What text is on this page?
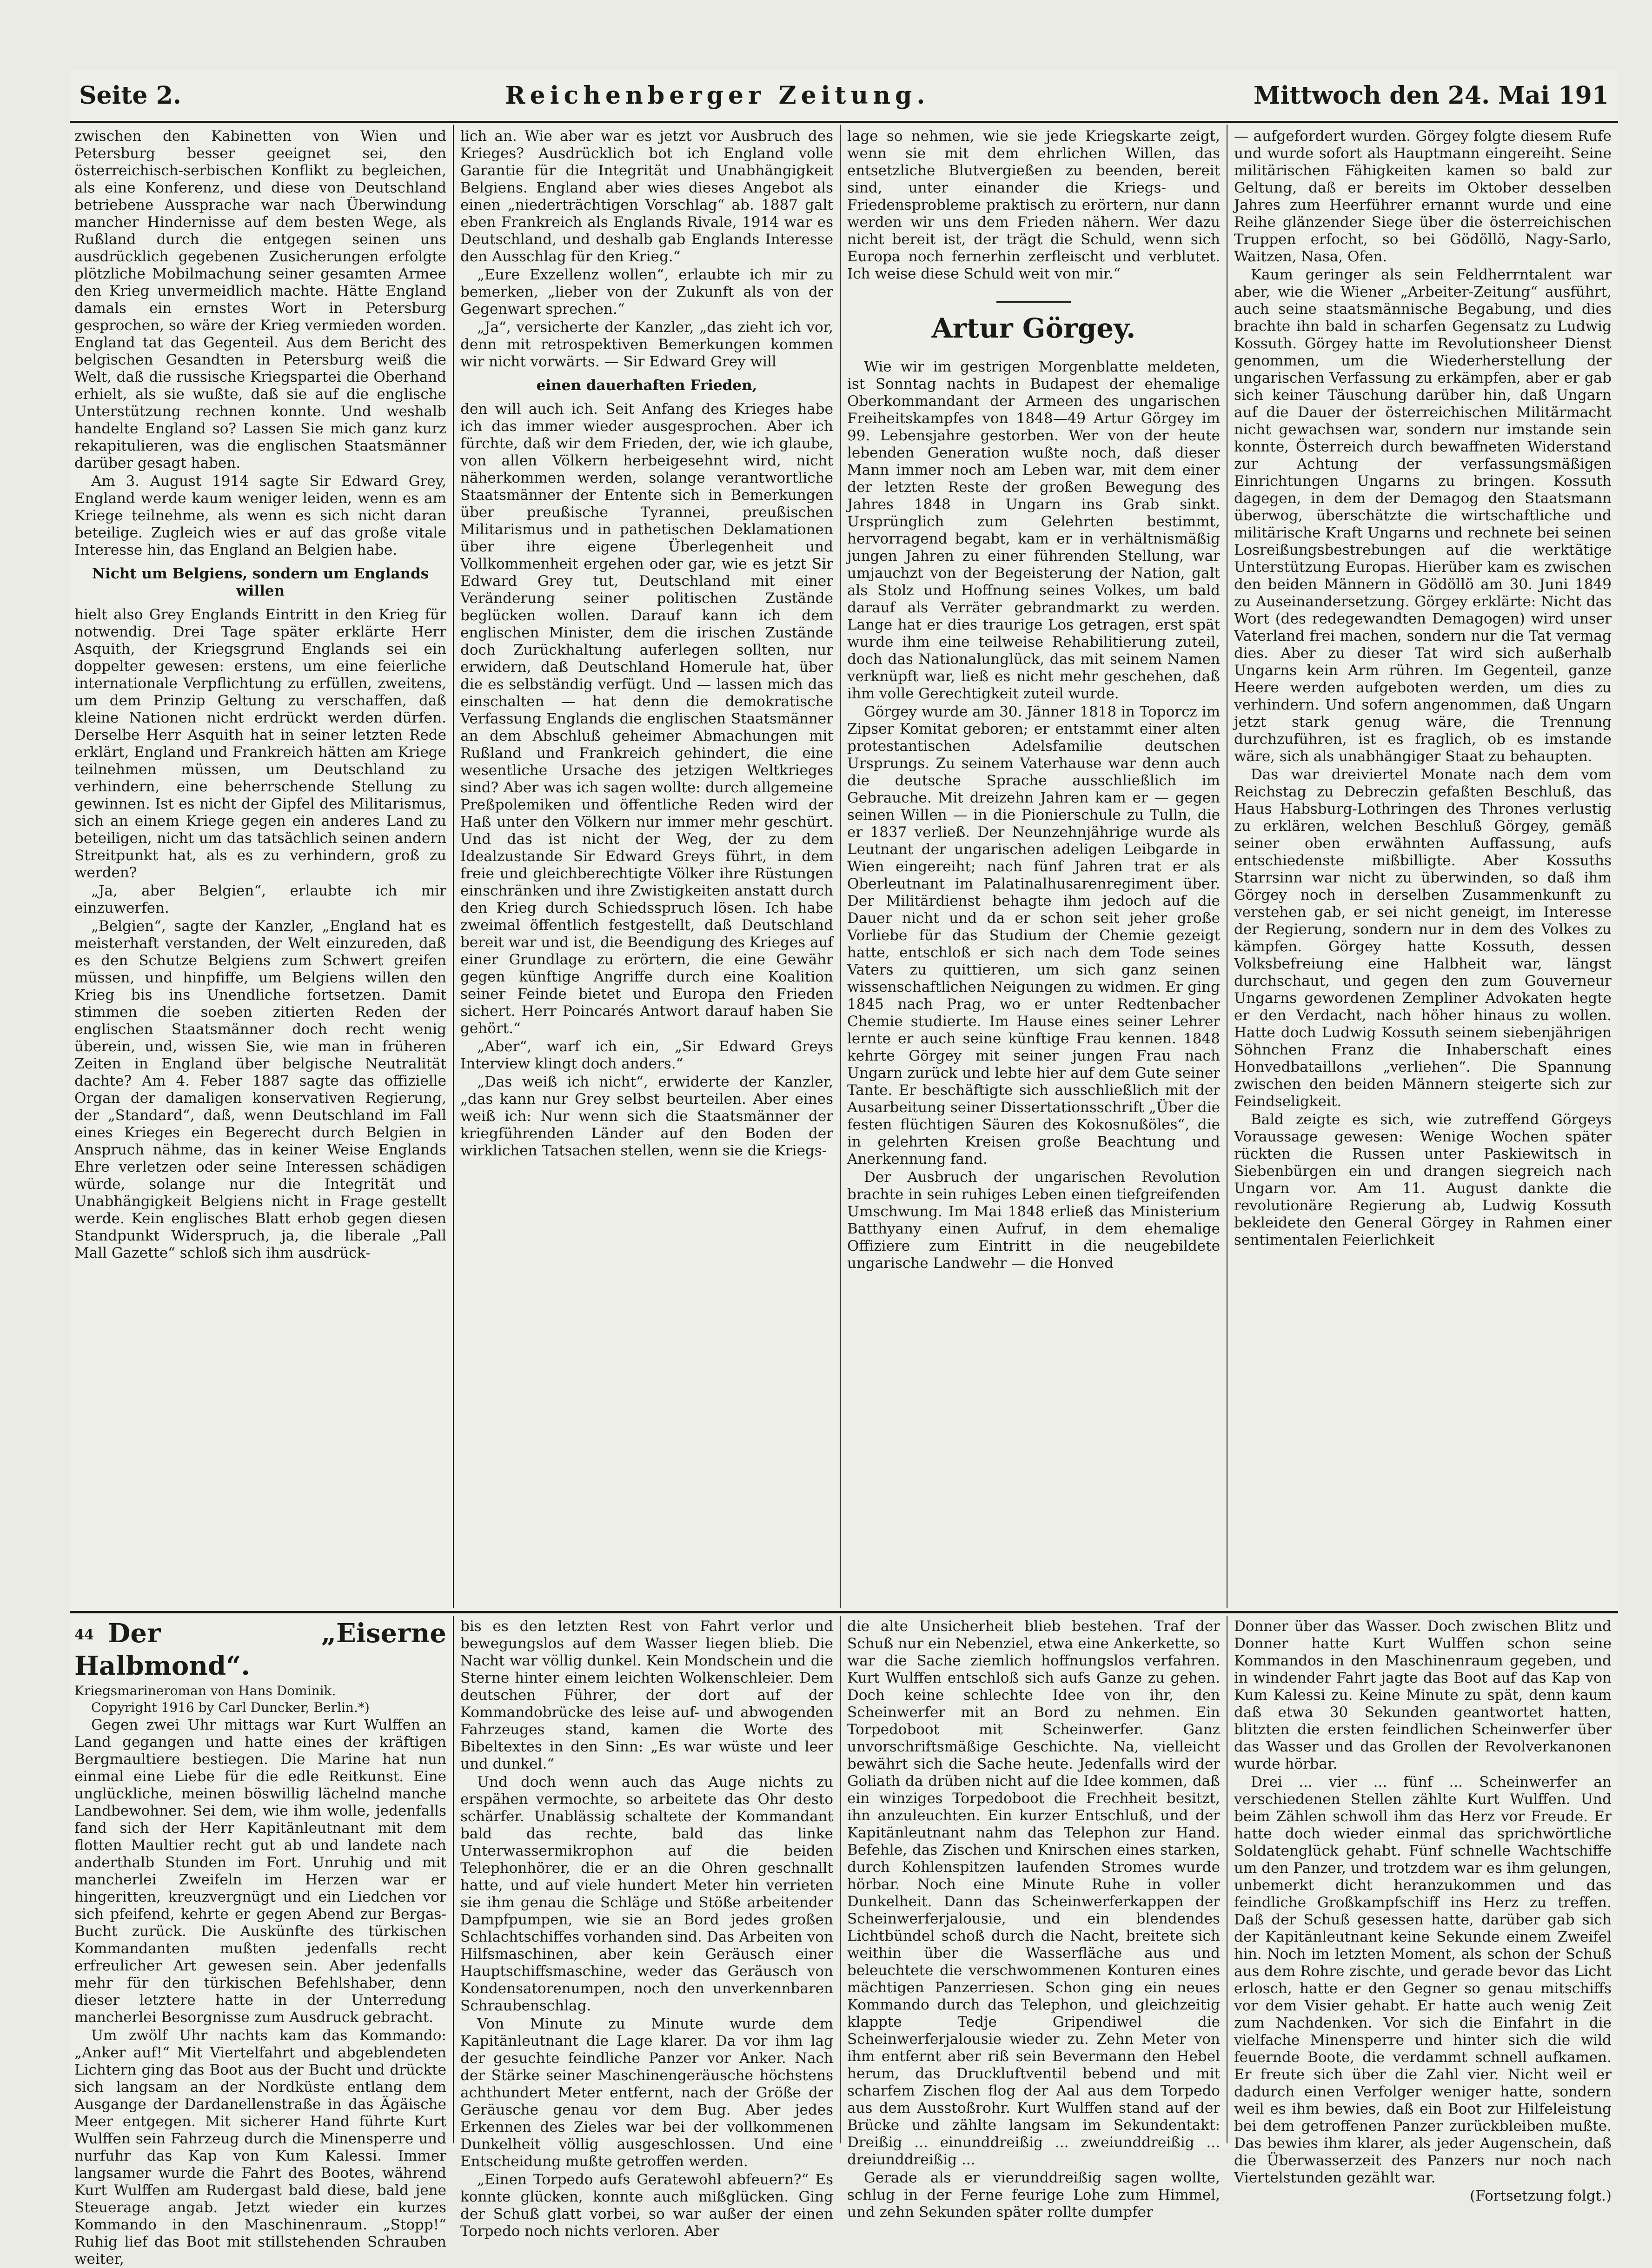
Seite 2.	Reichenberger Zeitung.	Mittwoch den 24. Mai 191

zwischen den Kabinetten von Wien und Petersburg besser geeignet sei, den österreichisch-serbischen Konflikt zu begleichen, als eine Konferenz, und diese von Deutschland betriebene Aussprache war nach Überwindung mancher Hindernisse auf dem besten Wege, als Rußland durch die entgegen seinen uns ausdrücklich gegebenen Zusicherungen erfolgte plötzliche Mobilmachung seiner gesamten Armee den Krieg unvermeidlich machte. Hätte England damals ein ernstes Wort in Petersburg gesprochen, so wäre der Krieg vermieden worden. England tat das Gegenteil. Aus dem Bericht des belgischen Gesandten in Petersburg weiß die Welt, daß die russische Kriegspartei die Oberhand erhielt, als sie wußte, daß sie auf die englische Unterstützung rechnen konnte. Und weshalb handelte England so? Lassen Sie mich ganz kurz rekapitulieren, was die englischen Staatsmänner darüber gesagt haben.

Am 3. August 1914 sagte Sir Edward Grey, England werde kaum weniger leiden, wenn es am Kriege teilnehme, als wenn es sich nicht daran beteilige. Zugleich wies er auf das große vitale Interesse hin, das England an Belgien habe.

Nicht um Belgiens, sondern um Englands willen

hielt also Grey Englands Eintritt in den Krieg für notwendig. Drei Tage später erklärte Herr Asquith, der Kriegsgrund Englands sei ein doppelter gewesen: erstens, um eine feierliche internationale Verpflichtung zu erfüllen, zweitens, um dem Prinzip Geltung zu verschaffen, daß kleine Nationen nicht erdrückt werden dürfen. Derselbe Herr Asquith hat in seiner letzten Rede erklärt, England und Frankreich hätten am Kriege teilnehmen müssen, um Deutschland zu verhindern, eine beherrschende Stellung zu gewinnen. Ist es nicht der Gipfel des Militarismus, sich an einem Kriege gegen ein anderes Land zu beteiligen, nicht um das tatsächlich seinen andern Streitpunkt hat, als es zu verhindern, groß zu werden?

„Ja, aber Belgien“, erlaubte ich mir einzuwerfen.

„Belgien“, sagte der Kanzler, „England hat es meisterhaft verstanden, der Welt einzureden, daß es den Schutze Belgiens zum Schwert greifen müssen, und hinpfiffe, um Belgiens willen den Krieg bis ins Unendliche fortsetzen. Damit stimmen die soeben zitierten Reden der englischen Staatsmänner doch recht wenig überein, und, wissen Sie, wie man in früheren Zeiten in England über belgische Neutralität dachte? Am 4. Feber 1887 sagte das offizielle Organ der damaligen konservativen Regierung, der „Standard“, daß, wenn Deutschland im Fall eines Krieges ein Begerecht durch Belgien in Anspruch nähme, das in keiner Weise Englands Ehre verletzen oder seine Interessen schädigen würde, solange nur die Integrität und Unabhängigkeit Belgiens nicht in Frage gestellt werde. Kein englisches Blatt erhob gegen diesen Standpunkt Widerspruch, ja, die liberale „Pall Mall Gazette“ schloß sich ihm ausdrück-

lich an. Wie aber war es jetzt vor Ausbruch des Krieges? Ausdrücklich bot ich England volle Garantie für die Integrität und Unabhängigkeit Belgiens. England aber wies dieses Angebot als einen „niederträchtigen Vorschlag“ ab. 1887 galt eben Frankreich als Englands Rivale, 1914 war es Deutschland, und deshalb gab Englands Interesse den Ausschlag für den Krieg.“

„Eure Exzellenz wollen“, erlaubte ich mir zu bemerken, „lieber von der Zukunft als von der Gegenwart sprechen.“

„Ja“, versicherte der Kanzler, „das zieht ich vor, denn mit retrospektiven Bemerkungen kommen wir nicht vorwärts. — Sir Edward Grey will

einen dauerhaften Frieden,

den will auch ich. Seit Anfang des Krieges habe ich das immer wieder ausgesprochen. Aber ich fürchte, daß wir dem Frieden, der, wie ich glaube, von allen Völkern herbeigesehnt wird, nicht näherkommen werden, solange verantwortliche Staatsmänner der Entente sich in Bemerkungen über preußische Tyrannei, preußischen Militarismus und in pathetischen Deklamationen über ihre eigene Überlegenheit und Vollkommenheit ergehen oder gar, wie es jetzt Sir Edward Grey tut, Deutschland mit einer Veränderung seiner politischen Zustände beglücken wollen. Darauf kann ich dem englischen Minister, dem die irischen Zustände doch Zurückhaltung auferlegen sollten, nur erwidern, daß Deutschland Homerule hat, über die es selbständig verfügt. Und — lassen mich das einschalten — hat denn die demokratische Verfassung Englands die englischen Staatsmänner an dem Abschluß geheimer Abmachungen mit Rußland und Frankreich gehindert, die eine wesentliche Ursache des jetzigen Weltkrieges sind? Aber was ich sagen wollte: durch allgemeine Preßpolemiken und öffentliche Reden wird der Haß unter den Völkern nur immer mehr geschürt. Und das ist nicht der Weg, der zu dem Idealzustande Sir Edward Greys führt, in dem freie und gleichberechtigte Völker ihre Rüstungen einschränken und ihre Zwistigkeiten anstatt durch den Krieg durch Schiedsspruch lösen. Ich habe zweimal öffentlich festgestellt, daß Deutschland bereit war und ist, die Beendigung des Krieges auf einer Grundlage zu erörtern, die eine Gewähr gegen künftige Angriffe durch eine Koalition seiner Feinde bietet und Europa den Frieden sichert. Herr Poincarés Antwort darauf haben Sie gehört.“

„Aber“, warf ich ein, „Sir Edward Greys Interview klingt doch anders.“

„Das weiß ich nicht“, erwiderte der Kanzler, „das kann nur Grey selbst beurteilen. Aber eines weiß ich: Nur wenn sich die Staatsmänner der kriegführenden Länder auf den Boden der wirklichen Tatsachen stellen, wenn sie die Kriegs-

lage so nehmen, wie sie jede Kriegskarte zeigt, wenn sie mit dem ehrlichen Willen, das entsetzliche Blutvergießen zu beenden, bereit sind, unter einander die Kriegs- und Friedensprobleme praktisch zu erörtern, nur dann werden wir uns dem Frieden nähern. Wer dazu nicht bereit ist, der trägt die Schuld, wenn sich Europa noch fernerhin zerfleischt und verblutet. Ich weise diese Schuld weit von mir.“

Artur Görgey.

Wie wir im gestrigen Morgenblatte meldeten, ist Sonntag nachts in Budapest der ehemalige Oberkommandant der Armeen des ungarischen Freiheitskampfes von 1848—49 Artur Görgey im 99. Lebensjahre gestorben. Wer von der heute lebenden Generation wußte noch, daß dieser Mann immer noch am Leben war, mit dem einer der letzten Reste der großen Bewegung des Jahres 1848 in Ungarn ins Grab sinkt. Ursprünglich zum Gelehrten bestimmt, hervorragend begabt, kam er in verhältnismäßig jungen Jahren zu einer führenden Stellung, war umjauchzt von der Begeisterung der Nation, galt als Stolz und Hoffnung seines Volkes, um bald darauf als Verräter gebrandmarkt zu werden. Lange hat er dies traurige Los getragen, erst spät wurde ihm eine teilweise Rehabilitierung zuteil, doch das Nationalunglück, das mit seinem Namen verknüpft war, ließ es nicht mehr geschehen, daß ihm volle Gerechtigkeit zuteil wurde.

Görgey wurde am 30. Jänner 1818 in Toporcz im Zipser Komitat geboren; er entstammt einer alten protestantischen Adelsfamilie deutschen Ursprungs. Zu seinem Vaterhause war denn auch die deutsche Sprache ausschließlich im Gebrauche. Mit dreizehn Jahren kam er — gegen seinen Willen — in die Pionierschule zu Tulln, die er 1837 verließ. Der Neunzehnjährige wurde als Leutnant der ungarischen adeligen Leibgarde in Wien eingereiht; nach fünf Jahren trat er als Oberleutnant im Palatinalhusarenregiment über. Der Militärdienst behagte ihm jedoch auf die Dauer nicht und da er schon seit jeher große Vorliebe für das Studium der Chemie gezeigt hatte, entschloß er sich nach dem Tode seines Vaters zu quittieren, um sich ganz seinen wissenschaftlichen Neigungen zu widmen. Er ging 1845 nach Prag, wo er unter Redtenbacher Chemie studierte. Im Hause eines seiner Lehrer lernte er auch seine künftige Frau kennen. 1848 kehrte Görgey mit seiner jungen Frau nach Ungarn zurück und lebte hier auf dem Gute seiner Tante. Er beschäftigte sich ausschließlich mit der Ausarbeitung seiner Dissertationsschrift „Über die festen flüchtigen Säuren des Kokosnußöles“, die in gelehrten Kreisen große Beachtung und Anerkennung fand.

Der Ausbruch der ungarischen Revolution brachte in sein ruhiges Leben einen tiefgreifenden Umschwung. Im Mai 1848 erließ das Ministerium Batthyany einen Aufruf, in dem ehemalige Offiziere zum Eintritt in die neugebildete ungarische Landwehr — die Honved

— aufgefordert wurden. Görgey folgte diesem Rufe und wurde sofort als Hauptmann eingereiht. Seine militärischen Fähigkeiten kamen so bald zur Geltung, daß er bereits im Oktober desselben Jahres zum Heerführer ernannt wurde und eine Reihe glänzender Siege über die österreichischen Truppen erfocht, so bei Gödöllö, Nagy-Sarlo, Waitzen, Nasa, Ofen.

Kaum geringer als sein Feldherrntalent war aber, wie die Wiener „Arbeiter-Zeitung“ ausführt, auch seine staatsmännische Begabung, und dies brachte ihn bald in scharfen Gegensatz zu Ludwig Kossuth. Görgey hatte im Revolutionsheer Dienst genommen, um die Wiederherstellung der ungarischen Verfassung zu erkämpfen, aber er gab sich keiner Täuschung darüber hin, daß Ungarn auf die Dauer der österreichischen Militärmacht nicht gewachsen war, sondern nur imstande sein konnte, Österreich durch bewaffneten Widerstand zur Achtung der verfassungsmäßigen Einrichtungen Ungarns zu bringen. Kossuth dagegen, in dem der Demagog den Staatsmann überwog, überschätzte die wirtschaftliche und militärische Kraft Ungarns und rechnete bei seinen Losreißungsbestrebungen auf die werktätige Unterstützung Europas. Hierüber kam es zwischen den beiden Männern in Gödöllö am 30. Juni 1849 zu Auseinandersetzung. Görgey erklärte: Nicht das Wort (des redegewandten Demagogen) wird unser Vaterland frei machen, sondern nur die Tat vermag dies. Aber zu dieser Tat wird sich außerhalb Ungarns kein Arm rühren. Im Gegenteil, ganze Heere werden aufgeboten werden, um dies zu verhindern. Und sofern angenommen, daß Ungarn jetzt stark genug wäre, die Trennung durchzuführen, ist es fraglich, ob es imstande wäre, sich als unabhängiger Staat zu behaupten.

Das war dreiviertel Monate nach dem vom Reichstag zu Debreczin gefaßten Beschluß, das Haus Habsburg-Lothringen des Thrones verlustig zu erklären, welchen Beschluß Görgey, gemäß seiner oben erwähnten Auffassung, aufs entschiedenste mißbilligte. Aber Kossuths Starrsinn war nicht zu überwinden, so daß ihm Görgey noch in derselben Zusammenkunft zu verstehen gab, er sei nicht geneigt, im Interesse der Regierung, sondern nur in dem des Volkes zu kämpfen. Görgey hatte Kossuth, dessen Volksbefreiung eine Halbheit war, längst durchschaut, und gegen den zum Gouverneur Ungarns gewordenen Zempliner Advokaten hegte er den Verdacht, nach höher hinaus zu wollen. Hatte doch Ludwig Kossuth seinem siebenjährigen Söhnchen Franz die Inhaberschaft eines Honvedbataillons „verliehen“. Die Spannung zwischen den beiden Männern steigerte sich zur Feindseligkeit.

Bald zeigte es sich, wie zutreffend Görgeys Voraussage gewesen: Wenige Wochen später rückten die Russen unter Paskiewitsch in Siebenbürgen ein und drangen siegreich nach Ungarn vor. Am 11. August dankte die revolutionäre Regierung ab, Ludwig Kossuth bekleidete den General Görgey in Rahmen einer sentimentalen Feierlichkeit

44 Der „Eiserne Halbmond“.

Kriegsmarineroman von Hans Dominik.

Copyright 1916 by Carl Duncker, Berlin.*)

Gegen zwei Uhr mittags war Kurt Wulffen an Land gegangen und hatte eines der kräftigen Bergmaultiere bestiegen. Die Marine hat nun einmal eine Liebe für die edle Reitkunst. Eine unglückliche, meinen böswillig lächelnd manche Landbewohner. Sei dem, wie ihm wolle, jedenfalls fand sich der Herr Kapitänleutnant mit dem flotten Maultier recht gut ab und landete nach anderthalb Stunden im Fort. Unruhig und mit mancherlei Zweifeln im Herzen war er hingeritten, kreuzvergnügt und ein Liedchen vor sich pfeifend, kehrte er gegen Abend zur Bergas-Bucht zurück. Die Auskünfte des türkischen Kommandanten mußten jedenfalls recht erfreulicher Art gewesen sein. Aber jedenfalls mehr für den türkischen Befehlshaber, denn dieser letztere hatte in der Unterredung mancherlei Besorgnisse zum Ausdruck gebracht.

Um zwölf Uhr nachts kam das Kommando: „Anker auf!“ Mit Viertelfahrt und abgeblendeten Lichtern ging das Boot aus der Bucht und drückte sich langsam an der Nordküste entlang dem Ausgange der Dardanellenstraße in das Ägäische Meer entgegen. Mit sicherer Hand führte Kurt Wulffen sein Fahrzeug durch die Minensperre und nurfuhr das Kap von Kum Kalessi. Immer langsamer wurde die Fahrt des Bootes, während Kurt Wulffen am Rudergast bald diese, bald jene Steuerage angab. Jetzt wieder ein kurzes Kommando in den Maschinenraum. „Stopp!“ Ruhig lief das Boot mit stillstehenden Schrauben weiter,

bis es den letzten Rest von Fahrt verlor und bewegungslos auf dem Wasser liegen blieb. Die Nacht war völlig dunkel. Kein Mondschein und die Sterne hinter einem leichten Wolkenschleier. Dem deutschen Führer, der dort auf der Kommandobrücke des leise auf- und abwogenden Fahrzeuges stand, kamen die Worte des Bibeltextes in den Sinn: „Es war wüste und leer und dunkel.“

Und doch wenn auch das Auge nichts zu erspähen vermochte, so arbeitete das Ohr desto schärfer. Unablässig schaltete der Kommandant bald das rechte, bald das linke Unterwassermikrophon auf die beiden Telephonhörer, die er an die Ohren geschnallt hatte, und auf viele hundert Meter hin verrieten sie ihm genau die Schläge und Stöße arbeitender Dampfpumpen, wie sie an Bord jedes großen Schlachtschiffes vorhanden sind. Das Arbeiten von Hilfsmaschinen, aber kein Geräusch einer Hauptschiffsmaschine, weder das Geräusch von Kondensatorenumpen, noch den unverkennbaren Schraubenschlag.

Von Minute zu Minute wurde dem Kapitänleutnant die Lage klarer. Da vor ihm lag der gesuchte feindliche Panzer vor Anker. Nach der Stärke seiner Maschinengeräusche höchstens achthundert Meter entfernt, nach der Größe der Geräusche genau vor dem Bug. Aber jedes Erkennen des Zieles war bei der vollkommenen Dunkelheit völlig ausgeschlossen. Und eine Entscheidung mußte getroffen werden.

„Einen Torpedo aufs Geratewohl abfeuern?“ Es konnte glücken, konnte auch mißglücken. Ging der Schuß glatt vorbei, so war außer der einen Torpedo noch nichts verloren. Aber

die alte Unsicherheit blieb bestehen. Traf der Schuß nur ein Nebenziel, etwa eine Ankerkette, so war die Sache ziemlich hoffnungslos verfahren. Kurt Wulffen entschloß sich aufs Ganze zu gehen. Doch keine schlechte Idee von ihr, den Scheinwerfer mit an Bord zu nehmen. Ein Torpedoboot mit Scheinwerfer. Ganz unvorschriftsmäßige Geschichte. Na, vielleicht bewährt sich die Sache heute. Jedenfalls wird der Goliath da drüben nicht auf die Idee kommen, daß ein winziges Torpedoboot die Frechheit besitzt, ihn anzuleuchten. Ein kurzer Entschluß, und der Kapitänleutnant nahm das Telephon zur Hand. Befehle, das Zischen und Knirschen eines starken, durch Kohlenspitzen laufenden Stromes wurde hörbar. Noch eine Minute Ruhe in voller Dunkelheit. Dann das Scheinwerferkappen der Scheinwerferjalousie, und ein blendendes Lichtbündel schoß durch die Nacht, breitete sich weithin über die Wasserfläche aus und beleuchtete die verschwommenen Konturen eines mächtigen Panzerriesen. Schon ging ein neues Kommando durch das Telephon, und gleichzeitig klappte Tedje Gripendiwel die Scheinwerferjalousie wieder zu. Zehn Meter von ihm entfernt aber riß sein Bevermann den Hebel herum, das Druckluftventil bebend und mit scharfem Zischen flog der Aal aus dem Torpedo aus dem Ausstoßrohr. Kurt Wulffen stand auf der Brücke und zählte langsam im Sekundentakt: Dreißig ... einunddreißig ... zweiunddreißig ... dreiunddreißig ...

Gerade als er vierunddreißig sagen wollte, schlug in der Ferne feurige Lohe zum Himmel, und zehn Sekunden später rollte dumpfer

Donner über das Wasser. Doch zwischen Blitz und Donner hatte Kurt Wulffen schon seine Kommandos in den Maschinenraum gegeben, und in windender Fahrt jagte das Boot auf das Kap von Kum Kalessi zu. Keine Minute zu spät, denn kaum daß etwa 30 Sekunden geantwortet hatten, blitzten die ersten feindlichen Scheinwerfer über das Wasser und das Grollen der Revolverkanonen wurde hörbar.

Drei ... vier ... fünf ... Scheinwerfer an verschiedenen Stellen zählte Kurt Wulffen. Und beim Zählen schwoll ihm das Herz vor Freude. Er hatte doch wieder einmal das sprichwörtliche Soldatenglück gehabt. Fünf schnelle Wachtschiffe um den Panzer, und trotzdem war es ihm gelungen, unbemerkt dicht heranzukommen und das feindliche Großkampfschiff ins Herz zu treffen. Daß der Schuß gesessen hatte, darüber gab sich der Kapitänleutnant keine Sekunde einem Zweifel hin. Noch im letzten Moment, als schon der Schuß aus dem Rohre zischte, und gerade bevor das Licht erlosch, hatte er den Gegner so genau mitschiffs vor dem Visier gehabt. Er hatte auch wenig Zeit zum Nachdenken. Vor sich die Einfahrt in die vielfache Minensperre und hinter sich die wild feuernde Boote, die verdammt schnell aufkamen. Er freute sich über die Zahl vier. Nicht weil er dadurch einen Verfolger weniger hatte, sondern weil es ihm bewies, daß ein Boot zur Hilfeleistung bei dem getroffenen Panzer zurückbleiben mußte. Das bewies ihm klarer, als jeder Augenschein, daß die Überwasserzeit des Panzers nur noch nach Viertelstunden gezählt war.

(Fortsetzung folgt.)
